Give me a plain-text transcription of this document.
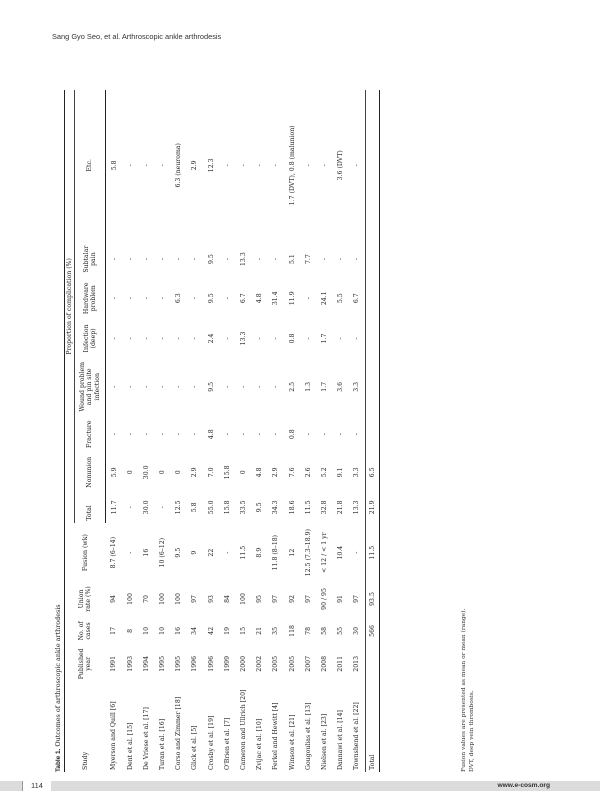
Sang Gyo Seo, et al. Arthroscopic ankle arthrodesis
Table 1. Outcomes of arthroscopic ankle arthrodesis
Study	Published year	No. of cases	Union rate (%)	Fusion (wk)	Proportion of complication (%)							
					Total	Nonunion	Fracture	Wound problem and pin site infection	Infection (deep)	Hardware problem	Subtalar pain	Etc.
Myerson and Quill [6]	1991	17	94	8.7 (6–14)	11.7	5.9	-	-	-	-	-	5.8
Dent et al. [15]	1993	8	100	-	-	0	-	-	-	-	-	-
De Vriese et al. [17]	1994	10	70	16	30.0	30.0	-	-	-	-	-	-
Turan et al. [16]	1995	10	100	10 (6–12)	-	0	-	-	-	-	-	-
Corso and Zimmer [18]	1995	16	100	9.5	12.5	0	-	-	-	6.3	-	6.3 (neuroma)
Glick et al. [5]	1996	34	97	9	5.8	2.9	-	-	-	-	-	2.9
Crosby et al. [19]	1996	42	93	22	55.0	7.0	4.8	9.5	2.4	9.5	9.5	12.3
O'Brien et al. [7]	1999	19	84	-	15.8	15.8	-	-	-	-	-	-
Cameron and Ullrich [20]	2000	15	100	11.5	33.5	0	-	-	13.3	6.7	13.3	-
Zvijac et al. [10]	2002	21	95	8.9	9.5	4.8	-	-	-	4.8	-	-
Ferkel and Hewitt [4]	2005	35	97	11.8 (8–18)	34.3	2.9	-	-	-	31.4	-	-
Winson et al. [21]	2005	118	92	12	18.6	7.6	0.8	2.5	0.8	11.9	5.1	1.7 (DVT), 0.8 (malunion)
Gougoulias et al. [13]	2007	78	97	12.5 (7.3–18.9)	11.5	2.6	-	1.3	-	-	7.7	-
Nielsen et al. [23]	2008	58	90 / 95	< 12 / < 1 yr	32.8	5.2	-	1.7	1.7	24.1	-	-
Dannawi et al. [14]	2011	55	91	10.4	21.8	9.1	-	3.6	-	5.5	-	3.6 (DVT)
Townshend et al. [22]	2013	30	97	-	13.3	3.3	-	3.3	-	6.7	-	-
Total		566	93.5	11.5	21.9	6.5						
Fusion values are presented as mean or mean (range). DVT, deep vein thrombosis.
114	www.e-cosm.org
